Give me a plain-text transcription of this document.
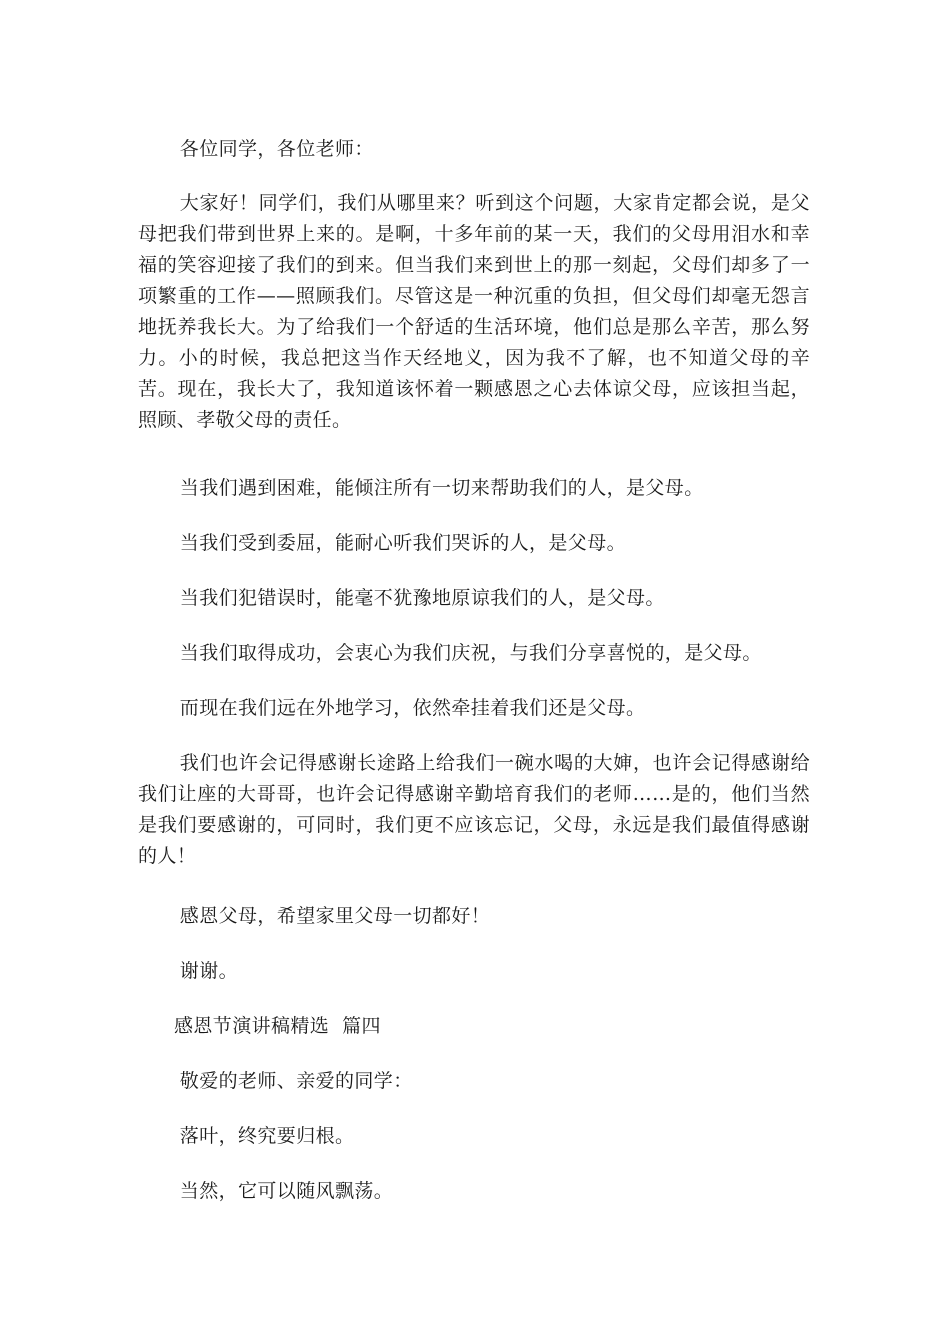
各位同学，各位老师：

大家好！同学们，我们从哪里来？听到这个问题，大家肯定都会说，是父母把我们带到世界上来的。是啊，十多年前的某一天，我们的父母用泪水和幸福的笑容迎接了我们的到来。但当我们来到世上的那一刻起，父母们却多了一项繁重的工作——照顾我们。尽管这是一种沉重的负担，但父母们却毫无怨言地抚养我长大。为了给我们一个舒适的生活环境，他们总是那么辛苦，那么努力。小的时候，我总把这当作天经地义，因为我不了解，也不知道父母的辛苦。现在，我长大了，我知道该怀着一颗感恩之心去体谅父母，应该担当起，照顾、孝敬父母的责任。

当我们遇到困难，能倾注所有一切来帮助我们的人，是父母。

当我们受到委屈，能耐心听我们哭诉的人，是父母。

当我们犯错误时，能毫不犹豫地原谅我们的人，是父母。

当我们取得成功，会衷心为我们庆祝，与我们分享喜悦的，是父母。

而现在我们远在外地学习，依然牵挂着我们还是父母。

我们也许会记得感谢长途路上给我们一碗水喝的大婶，也许会记得感谢给我们让座的大哥哥，也许会记得感谢辛勤培育我们的老师……是的，他们当然是我们要感谢的，可同时，我们更不应该忘记，父母，永远是我们最值得感谢的人！

感恩父母，希望家里父母一切都好！

谢谢。

感恩节演讲稿精选  篇四

敬爱的老师、亲爱的同学：

落叶，终究要归根。

当然，它可以随风飘荡。
